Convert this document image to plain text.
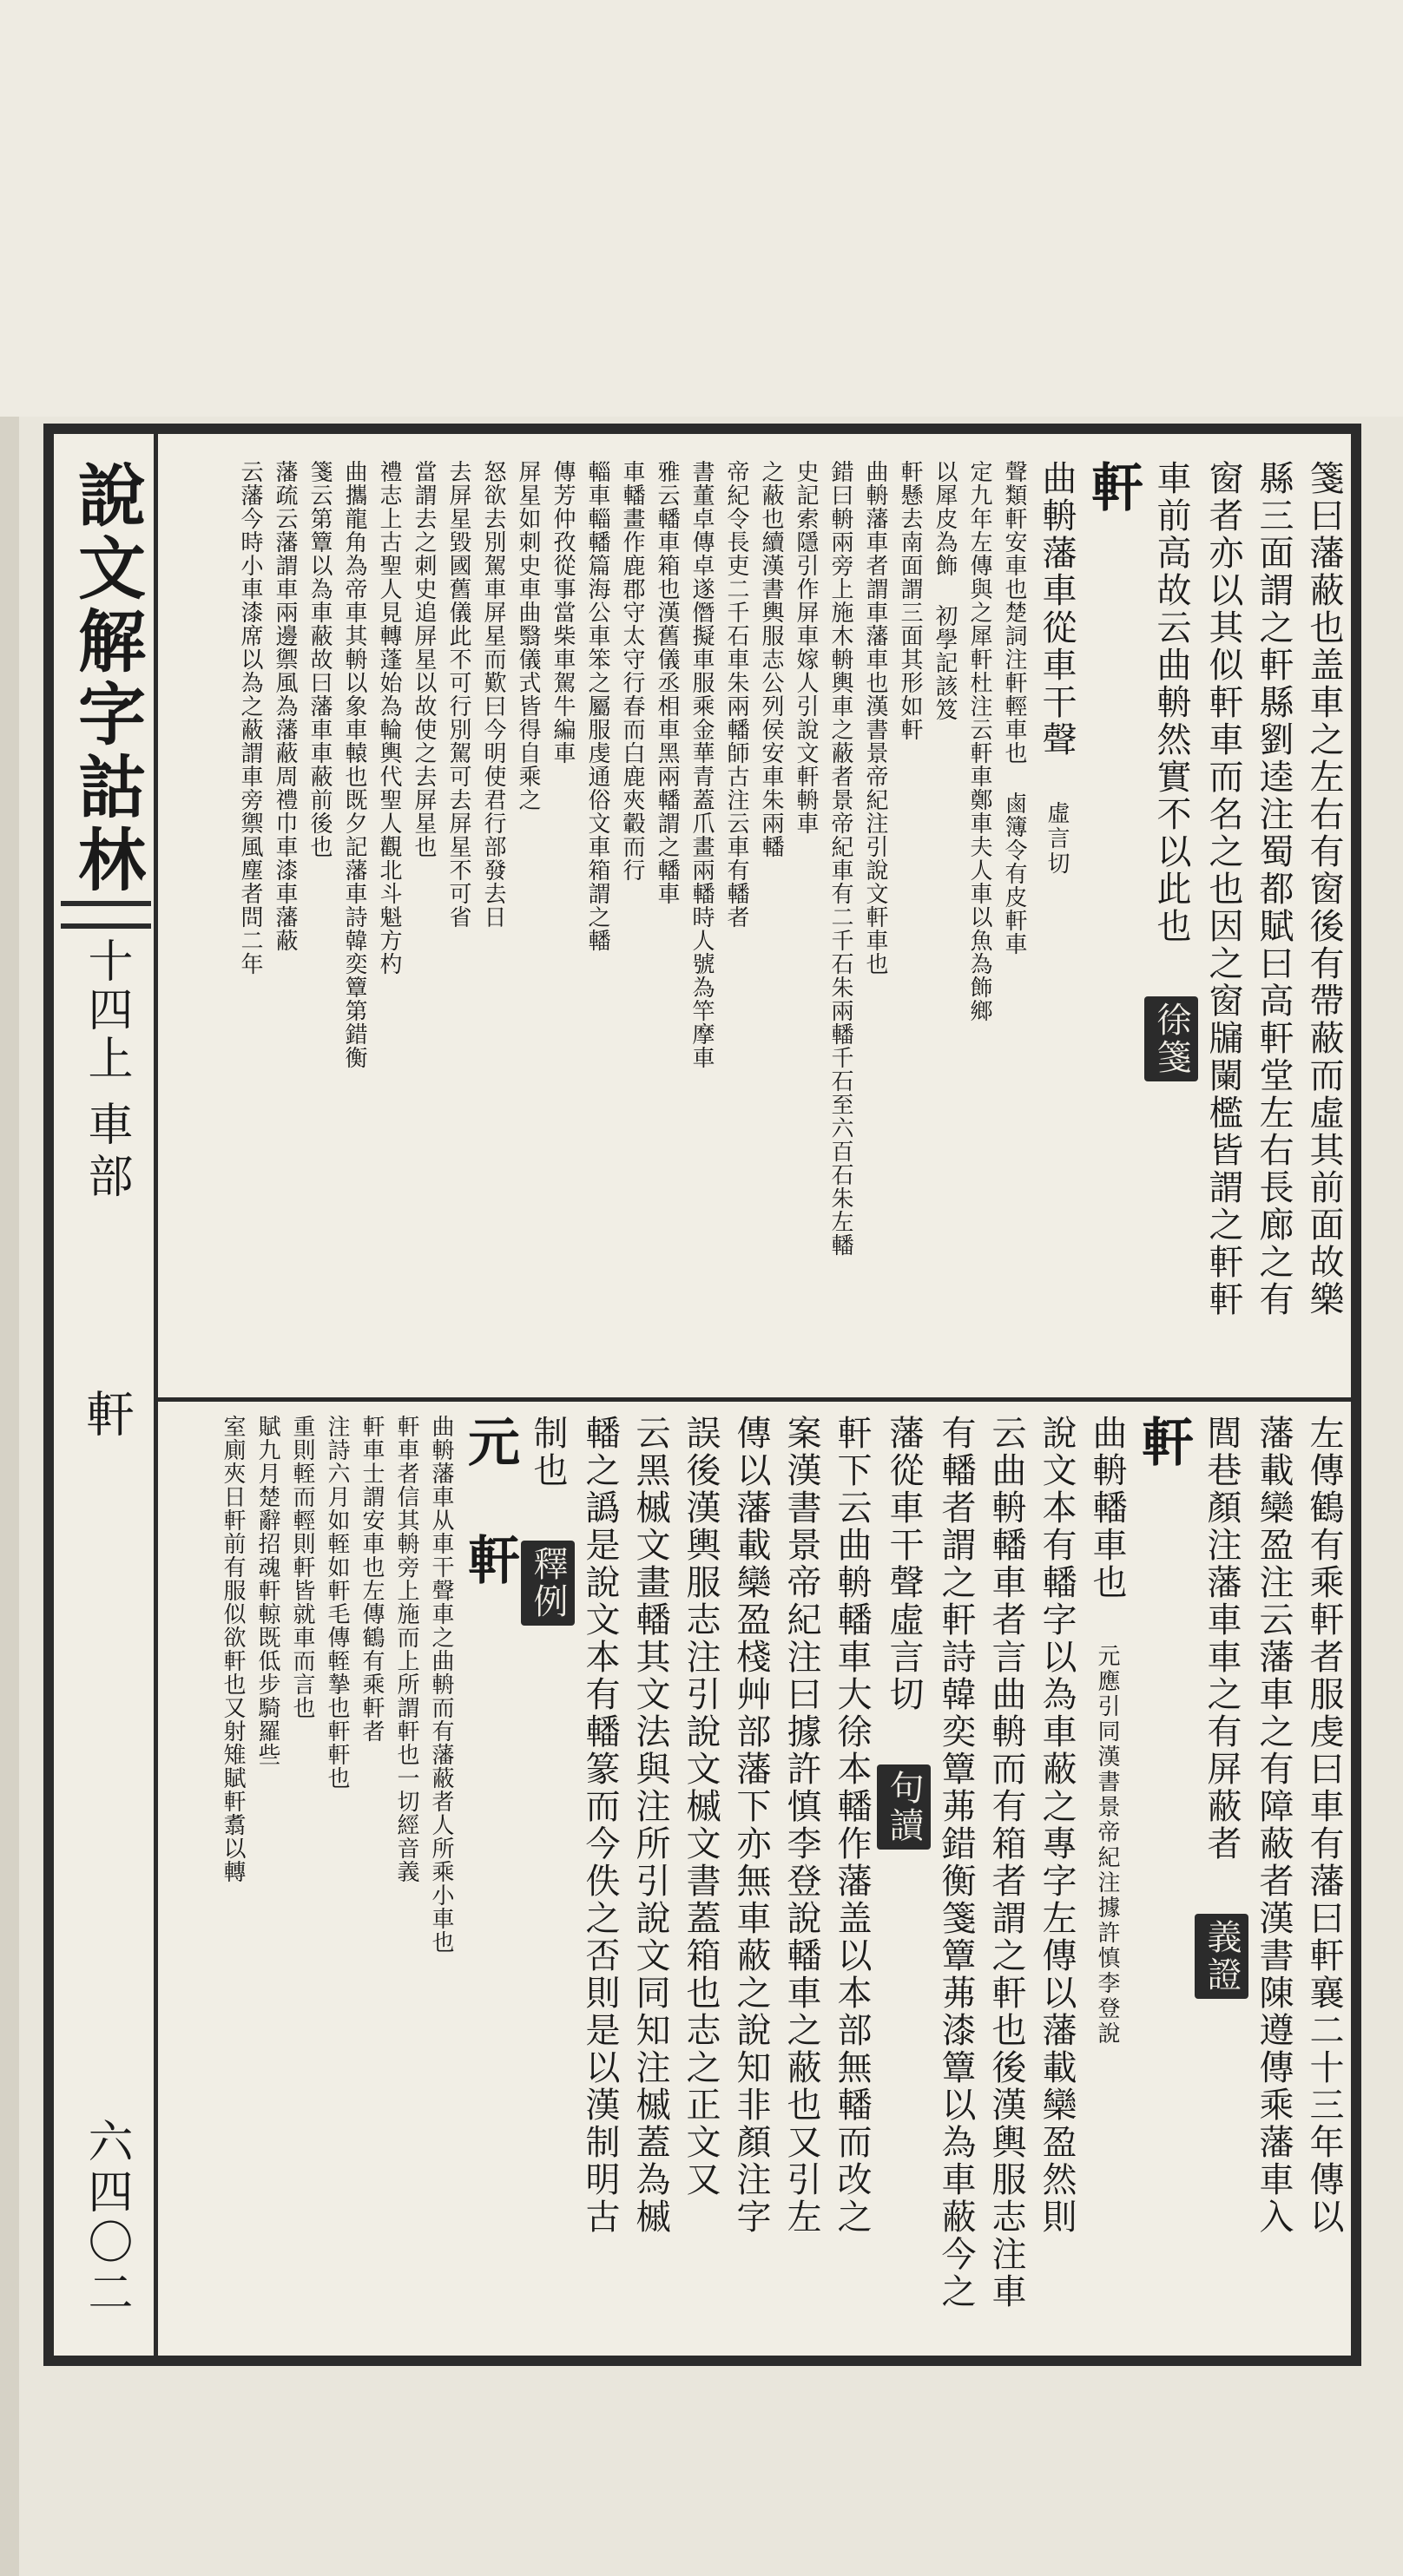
說文解字詁林
十四上
車部
軒
六四〇二
箋曰藩蔽也盖車之左右有窗後有帶蔽而虛其前面故樂
縣三面謂之軒縣劉逵注蜀都賦曰高軒堂左右長廊之有
窗者亦以其似軒車而名之也因之窗牖闌檻皆謂之軒軒
車前高故云曲輈然實不以此也 徐箋
軒
曲輈藩車從車干聲 虛言切
聲類軒安車也楚詞注軒輕車也 鹵簿令有皮軒車
定九年左傳與之犀軒杜注云軒車鄭車夫人車以魚為飾鄉
以犀皮為飾 初學記該笈
軒懸去南面謂三面其形如軒
曲輈藩車者謂車藩車也漢書景帝紀注引說文軒車也
錯曰輈兩旁上施木輈輿車之蔽者景帝紀車有二千石朱兩轓千石至六百石朱左轓
史記索隱引作屏車嫁人引說文軒輈車
之蔽也續漢書輿服志公列侯安車朱兩轓
帝紀令長吏二千石車朱兩轓師古注云車有轓者
書董卓傳卓遂僭擬車服乘金華青蓋爪畫兩轓時人號為竿摩車
雅云轓車箱也漢舊儀丞相車黑兩轓謂之轓車
車轓畫作鹿郡守太守行春而白鹿夾轂而行
輜車輜轓篇海公車笨之屬服虔通俗文車箱謂之轓
傳芳仲孜從事當柴車駕牛編車
屏星如刺史車曲翳儀式皆得自乘之
怒欲去別駕車屏星而歎曰今明使君行部發去日
去屏星毀國舊儀此不可行別駕可去屏星不可省
當謂去之刺史追屏星以故使之去屏星也
禮志上古聖人見轉蓬始為輪輿代聖人觀北斗魁方杓
曲攜龍角為帝車其輈以象車轅也既夕記藩車詩韓奕簟第錯衡
箋云第簟以為車蔽故曰藩車車蔽前後也
藩疏云藩謂車兩邊禦風為藩蔽周禮巾車漆車藩蔽
云藩今時小車漆席以為之蔽謂車旁禦風塵者問二年
左傳鶴有乘軒者服虔曰車有藩曰軒襄二十三年傳以
藩載欒盈注云藩車之有障蔽者漢書陳遵傳乘藩車入
閭巷顏注藩車車之有屏蔽者 義證
軒
曲輈轓車也 元應引同漢書景帝紀注據許慎李登說
說文本有轓字以為車蔽之專字左傳以藩載欒盈然則
云曲輈轓車者言曲輈而有箱者謂之軒也後漢輿服志注車
有轓者謂之軒詩韓奕簟茀錯衡箋簟茀漆簟以為車蔽今之
藩從車干聲虛言切 句讀
軒下云曲輈轓車大徐本轓作藩盖以本部無轓而改之
案漢書景帝紀注曰據許慎李登說轓車之蔽也又引左
傳以藩載欒盈棧艸部藩下亦無車蔽之說知非顏注字
誤後漢輿服志注引說文槭文書蓋箱也志之正文又
云黑槭文畫轓其文法與注所引說文同知注槭蓋為槭
轓之譌是說文本有轓篆而今佚之否則是以漢制明古
制也 釋例
元 軒
曲輈藩車从車干聲車之曲輈而有藩蔽者人所乘小車也
軒車者信其輈旁上施而上所謂軒也一切經音義
軒車士謂安車也左傳鶴有乘軒者
注詩六月如輊如軒毛傳輊摯也軒軒也
重則輊而輕則軒皆就車而言也
賦九月楚辭招魂軒輬既低步騎羅些
室廁夾日軒前有服似欲軒也又射雉賦軒翥以轉
